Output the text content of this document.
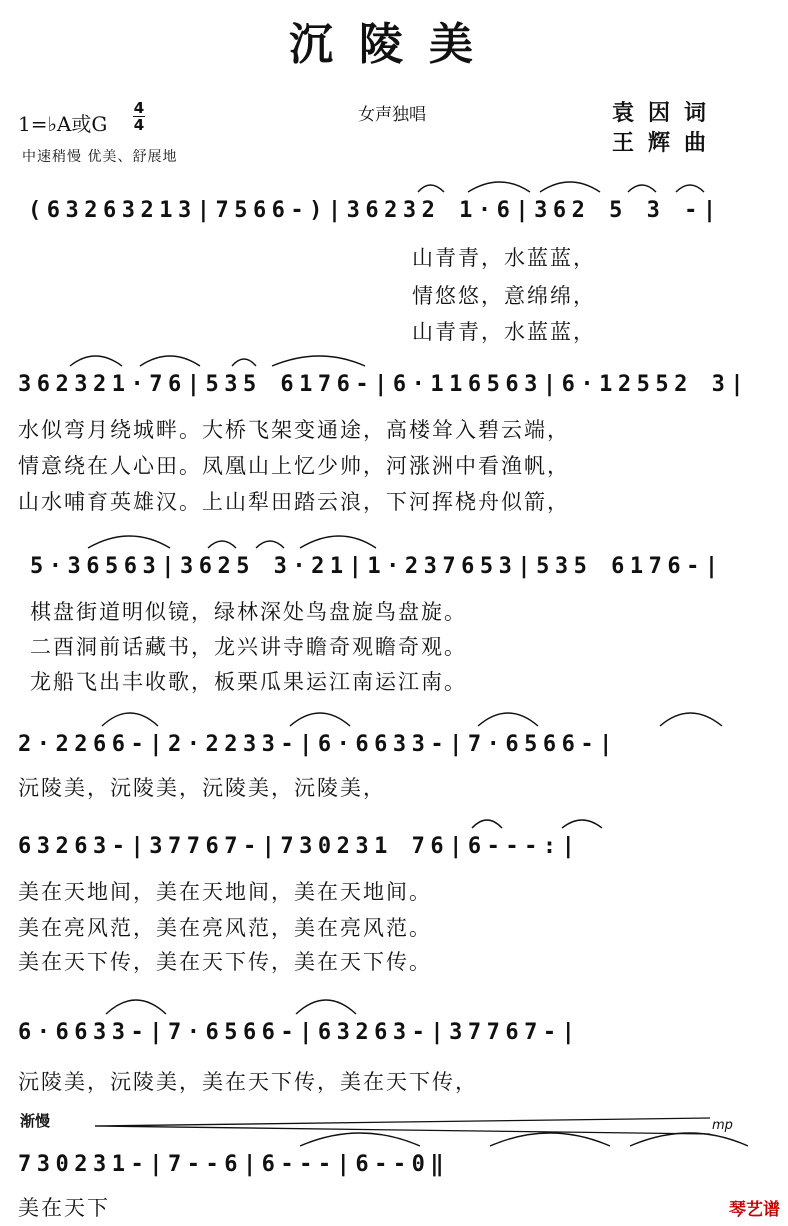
沉陵美
1=♭A或G
4
4	女声独唱	袁因词
王辉曲
中速稍慢 优美、舒展地
(63263213|7566-)|36232 1·6|362 5 3 -|
山青青，水蓝蓝，
情悠悠，意绵绵，
山青青，水蓝蓝，
362321·76|535 6176-|6·116563|6·12552 3|
水似弯月绕城畔。大桥飞架变通途，高楼耸入碧云端，
情意绕在人心田。凤凰山上忆少帅，河涨洲中看渔帆，
山水哺育英雄汉。上山犁田踏云浪，下河挥桡舟似箭，
5·36563|3625 3·21|1·237653|535 6176-|
棋盘街道明似镜，绿林深处鸟盘旋鸟盘旋。
二酉洞前话藏书，龙兴讲寺瞻奇观瞻奇观。
龙船飞出丰收歌，板栗瓜果运江南运江南。
2·2266-|2·2233-|6·6633-|7·6566-|
沅陵美，沅陵美，沅陵美，沅陵美，
63263-|37767-|730231 76|6---:|
美在天地间，美在天地间，美在天地间。
美在亮风范，美在亮风范，美在亮风范。
美在天下传，美在天下传，美在天下传。
6·6633-|7·6566-|63263-|37767-|
沅陵美，沅陵美，美在天下传，美在天下传，
渐慢	mp
730231-|7--6|6---|6--0‖
美在天下	琴艺谱
